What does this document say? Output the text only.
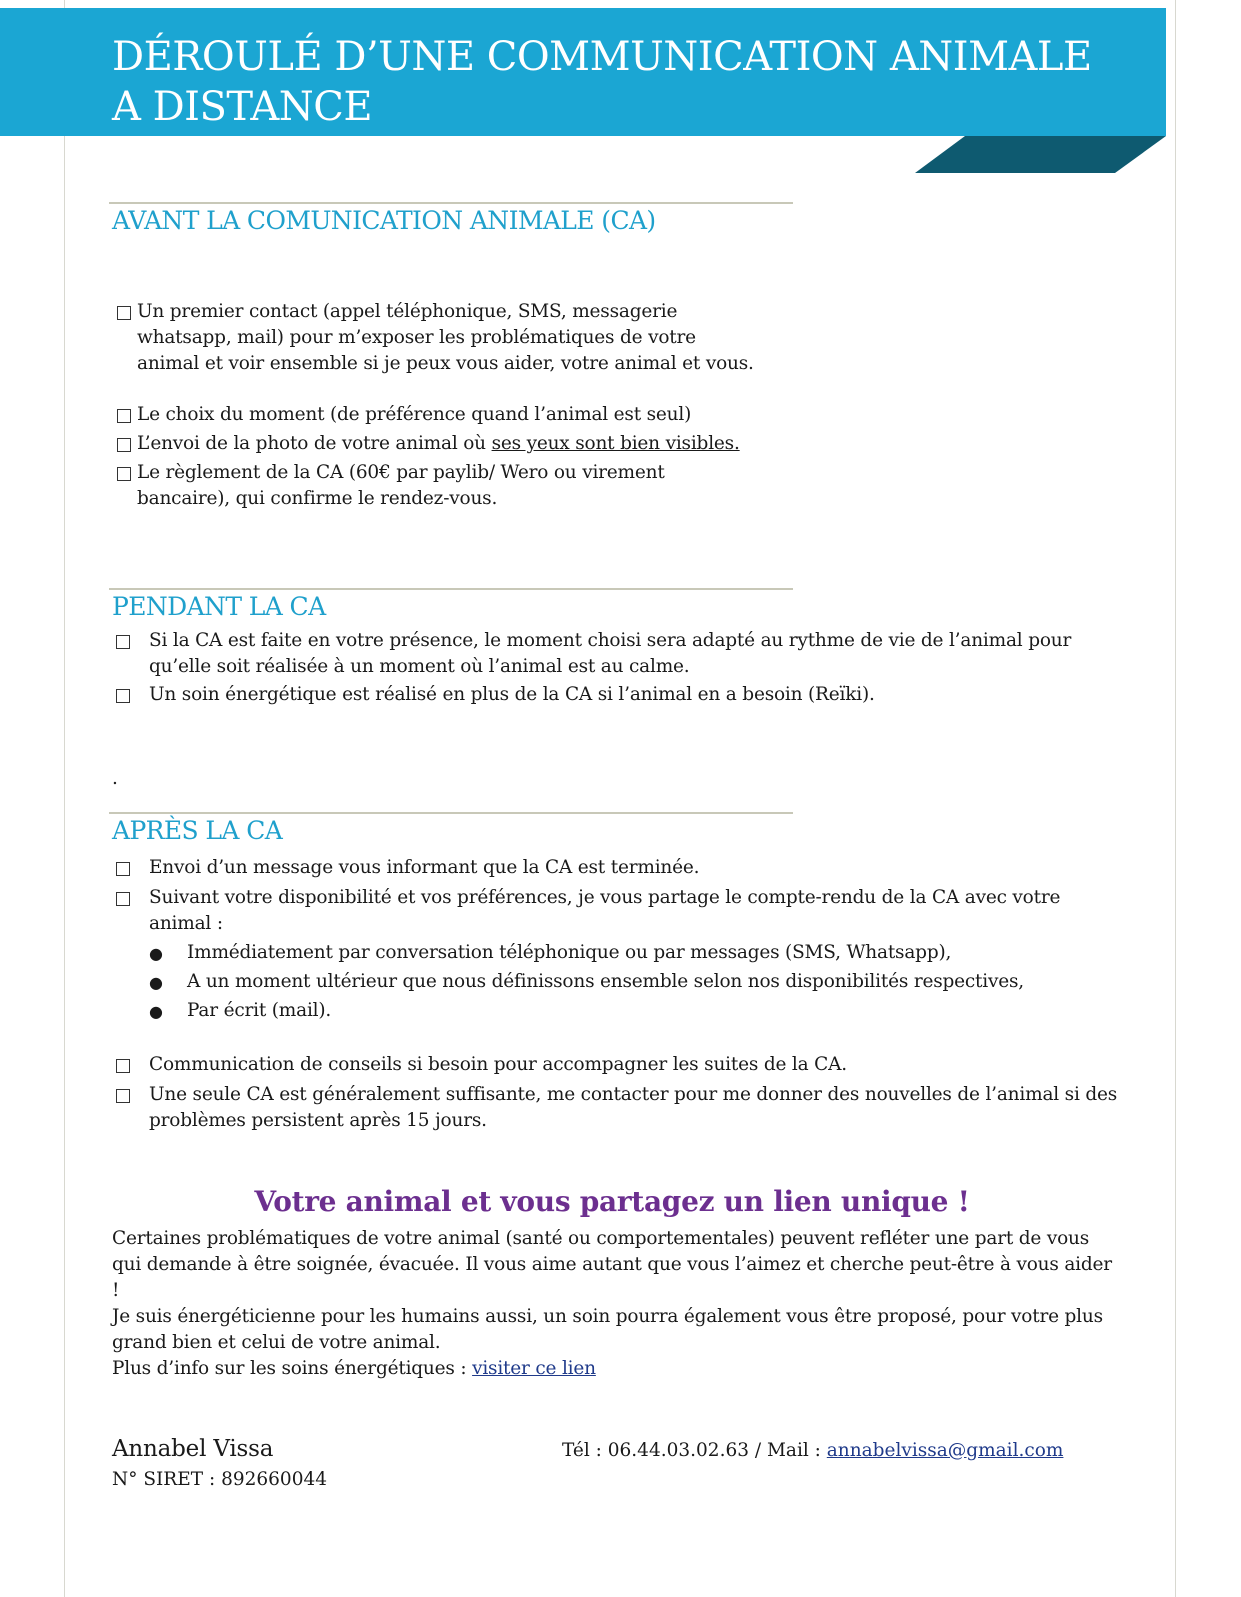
DÉROULÉ D’UNE COMMUNICATION ANIMALE
A DISTANCE
AVANT LA COMUNICATION ANIMALE (CA)
Un premier contact (appel téléphonique, SMS, messagerie whatsapp, mail) pour m’exposer les problématiques de votre animal et voir ensemble si je peux vous aider, votre animal et vous.
Le choix du moment (de préférence quand l’animal est seul)
L’envoi de la photo de votre animal où ses yeux sont bien visibles.
Le règlement de la CA (60€ par paylib/ Wero ou virement bancaire), qui confirme le rendez-vous.
PENDANT LA CA
Si la CA est faite en votre présence, le moment choisi sera adapté au rythme de vie de l’animal pour qu’elle soit réalisée à un moment où l’animal est au calme.
Un soin énergétique est réalisé en plus de la CA si l’animal en a besoin (Reïki).
.
APRÈS LA CA
Envoi d’un message vous informant que la CA est terminée.
Suivant votre disponibilité et vos préférences, je vous partage le compte-rendu de la CA avec votre animal :
● Immédiatement par conversation téléphonique ou par messages (SMS, Whatsapp),
● A un moment ultérieur que nous définissons ensemble selon nos disponibilités respectives,
● Par écrit (mail).
Communication de conseils si besoin pour accompagner les suites de la CA.
Une seule CA est généralement suffisante, me contacter pour me donner des nouvelles de l’animal si des problèmes persistent après 15 jours.
Votre animal et vous partagez un lien unique !
Certaines problématiques de votre animal (santé ou comportementales) peuvent refléter une part de vous qui demande à être soignée, évacuée. Il vous aime autant que vous l’aimez et cherche peut-être à vous aider !
Je suis énergéticienne pour les humains aussi, un soin pourra également vous être proposé, pour votre plus grand bien et celui de votre animal.
Plus d’info sur les soins énergétiques : visiter ce lien
Annabel Vissa
N° SIRET : 892660044
Tél : 06.44.03.02.63 / Mail : annabelvissa@gmail.com
